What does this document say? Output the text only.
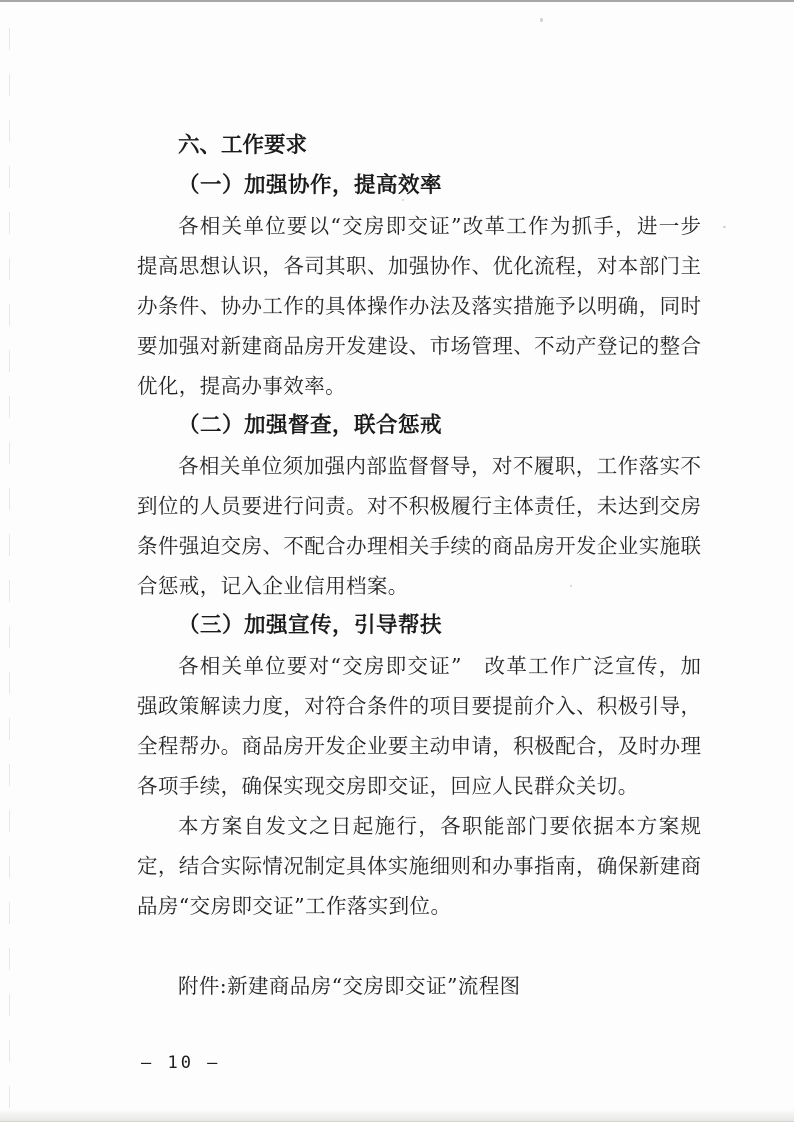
六、工作要求
（一）加强协作，提高效率
各相关单位要以“交房即交证”改革工作为抓手，进一步
提高思想认识，各司其职、加强协作、优化流程，对本部门主
办条件、协办工作的具体操作办法及落实措施予以明确，同时
要加强对新建商品房开发建设、市场管理、不动产登记的整合
优化，提高办事效率。
（二）加强督查，联合惩戒
各相关单位须加强内部监督督导，对不履职，工作落实不
到位的人员要进行问责。对不积极履行主体责任，未达到交房
条件强迫交房、不配合办理相关手续的商品房开发企业实施联
合惩戒，记入企业信用档案。
（三）加强宣传，引导帮扶
各相关单位要对“交房即交证”　改革工作广泛宣传，加
强政策解读力度，对符合条件的项目要提前介入、积极引导，
全程帮办。商品房开发企业要主动申请，积极配合，及时办理
各项手续，确保实现交房即交证，回应人民群众关切。
本方案自发文之日起施行，各职能部门要依据本方案规
定，结合实际情况制定具体实施细则和办事指南，确保新建商
品房“交房即交证”工作落实到位。
附件:新建商品房“交房即交证”流程图
– 10 –
